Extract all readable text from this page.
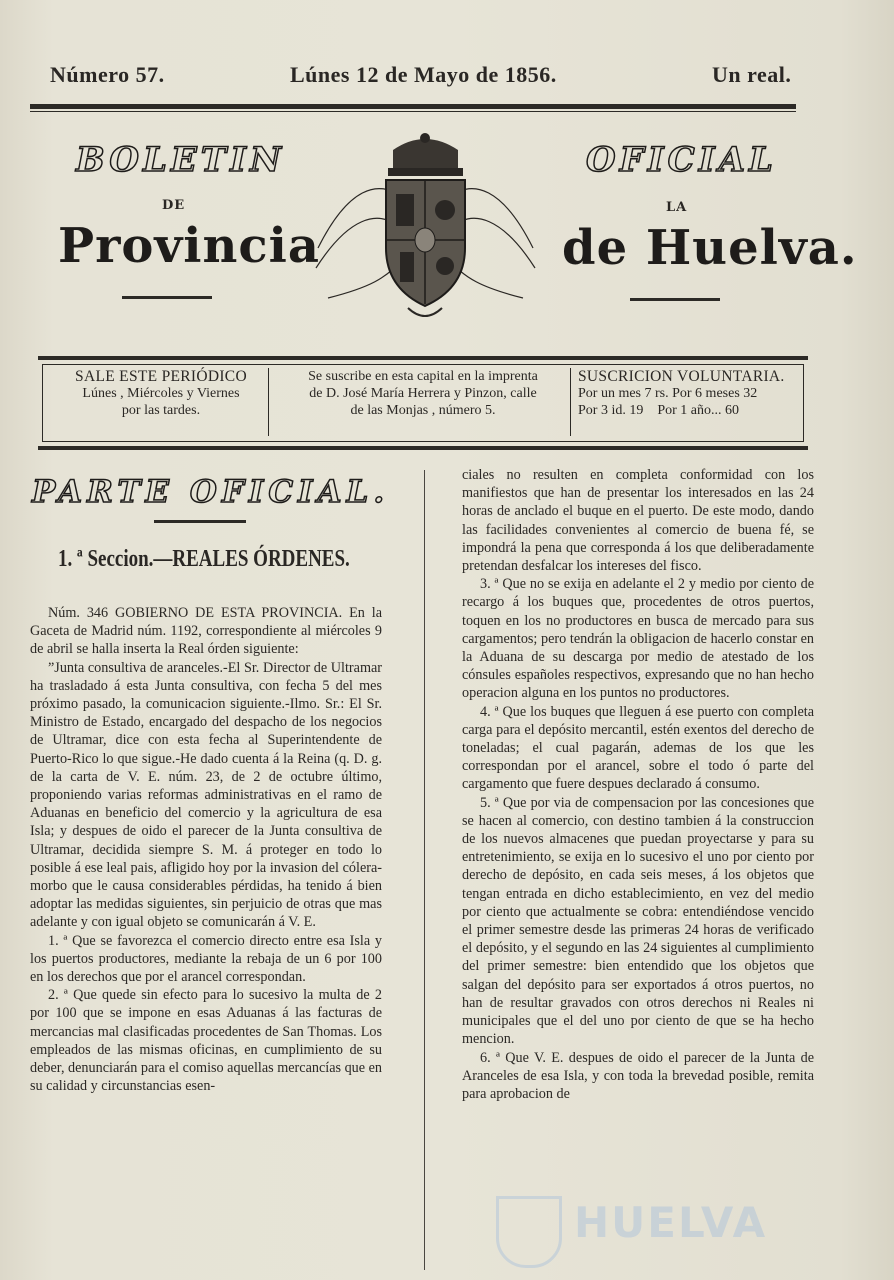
Número 57.	Lúnes 12 de Mayo de 1856.	Un real.
BOLETIN	OFICIAL
DE	LA
Provincia	de Huelva.
SALE ESTE PERIÓDICO
Lúnes , Miércoles y Viernes
por las tardes.
Se suscribe en esta capital en la imprenta
de D. José María Herrera y Pinzon, calle
de las Monjas , número 5.
SUSCRICION VOLUNTARIA.
Por un mes 7 rs. Por 6 meses 32
Por 3 id. 19    Por 1 año... 60
PARTE OFICIAL.
1. ª Seccion.—REALES ÓRDENES.

Núm. 346 GOBIERNO DE ESTA PROVINCIA. En la Gaceta de Madrid núm. 1192, correspondiente al miércoles 9 de abril se halla inserta la Real órden siguiente:

”Junta consultiva de aranceles.-El Sr. Director de Ultramar ha trasladado á esta Junta consultiva, con fecha 5 del mes próximo pasado, la comunicacion siguiente.-Ilmo. Sr.: El Sr. Ministro de Estado, encargado del despacho de los negocios de Ultramar, dice con esta fecha al Superintendente de Puerto-Rico lo que sigue.-He dado cuenta á la Reina (q. D. g. de la carta de V. E. núm. 23, de 2 de octubre último, proponiendo varias reformas administrativas en el ramo de Aduanas en beneficio del comercio y la agricultura de esa Isla; y despues de oido el parecer de la Junta consultiva de Ultramar, decidida siempre S. M. á proteger en todo lo posible á ese leal pais, afligido hoy por la invasion del cólera-morbo que le causa considerables pérdidas, ha tenido á bien adoptar las medidas siguientes, sin perjuicio de otras que mas adelante y con igual objeto se comunicarán á V. E.

1. ª Que se favorezca el comercio directo entre esa Isla y los puertos productores, mediante la rebaja de un 6 por 100 en los derechos que por el arancel correspondan.

2. ª Que quede sin efecto para lo sucesivo la multa de 2 por 100 que se impone en esas Aduanas á las facturas de mercancias mal clasificadas procedentes de San Thomas. Los empleados de las mismas oficinas, en cumplimiento de su deber, denunciarán para el comiso aquellas mercancías que en su calidad y circunstancias esen-

ciales no resulten en completa conformidad con los manifiestos que han de presentar los interesados en las 24 horas de anclado el buque en el puerto. De este modo, dando las facilidades convenientes al comercio de buena fé, se impondrá la pena que corresponda á los que deliberadamente pretendan desfalcar los intereses del fisco.

3. ª Que no se exija en adelante el 2 y medio por ciento de recargo á los buques que, procedentes de otros puertos, toquen en los no productores en busca de mercado para sus cargamentos; pero tendrán la obligacion de hacerlo constar en la Aduana de su descarga por medio de atestado de los cónsules españoles respectivos, expresando que no han hecho operacion alguna en los puntos no productores.

4. ª Que los buques que lleguen á ese puerto con completa carga para el depósito mercantil, estén exentos del derecho de toneladas; el cual pagarán, ademas de los que les correspondan por el arancel, sobre el todo ó parte del cargamento que fuere despues declarado á consumo.

5. ª Que por via de compensacion por las concesiones que se hacen al comercio, con destino tambien á la construccion de los nuevos almacenes que puedan proyectarse y para su entretenimiento, se exija en lo sucesivo el uno por ciento por derecho de depósito, en cada seis meses, á los objetos que tengan entrada en dicho establecimiento, en vez del medio por ciento que actualmente se cobra: entendiéndose vencido el primer semestre desde las primeras 24 horas de verificado el depósito, y el segundo en las 24 siguientes al cumplimiento del primer semestre: bien entendido que los objetos que salgan del depósito para ser exportados á otros puertos, no han de resultar gravados con otros derechos ni Reales ni municipales que el del uno por ciento de que se ha hecho mencion.

6. ª Que V. E. despues de oido el parecer de la Junta de Aranceles de esa Isla, y con toda la brevedad posible, remita para aprobacion de

HUELVA
